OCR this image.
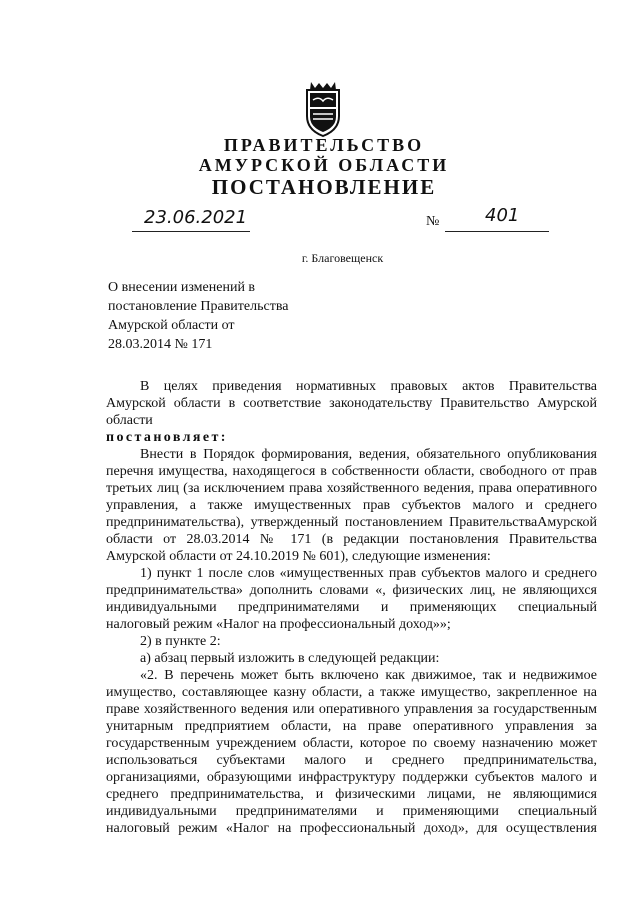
ПРАВИТЕЛЬСТВО
АМУРСКОЙ ОБЛАСТИ
ПОСТАНОВЛЕНИЕ
23.06.2021	№	401
г. Благовещенск
О внесении изменений в
постановление Правительства
Амурской области от
28.03.2014 № 171
В целях приведения нормативных правовых актов Правительства
Амурской области в соответствие законодательству Правительство Амурской
области
постановляет:
Внести в Порядок формирования, ведения, обязательного опубликования
перечня имущества, находящегося в собственности области, свободного от прав
третьих лиц (за исключением права хозяйственного ведения, права оперативного
управления, а также имущественных прав субъектов малого и среднего
предпринимательства), утвержденный постановлением ПравительстваАмурской
области от 28.03.2014 № 171 (в редакции постановления Правительства
Амурской области от 24.10.2019 № 601), следующие изменения:
1) пункт 1 после слов «имущественных прав субъектов малого и среднего
предпринимательства» дополнить словами «, физических лиц, не являющихся
индивидуальными предпринимателями и применяющих специальный
налоговый режим «Налог на профессиональный доход»»;
2) в пункте 2:
а) абзац первый изложить в следующей редакции:
«2. В перечень может быть включено как движимое, так и недвижимое
имущество, составляющее казну области, а также имущество, закрепленное на
праве хозяйственного ведения или оперативного управления за государственным
унитарным предприятием области, на праве оперативного управления за
государственным учреждением области, которое по своему назначению может
использоваться субъектами малого и среднего предпринимательства,
организациями, образующими инфраструктуру поддержки субъектов малого и
среднего предпринимательства, и физическими лицами, не являющимися
индивидуальными предпринимателями и применяющими специальный
налоговый режим «Налог на профессиональный доход», для осуществления
